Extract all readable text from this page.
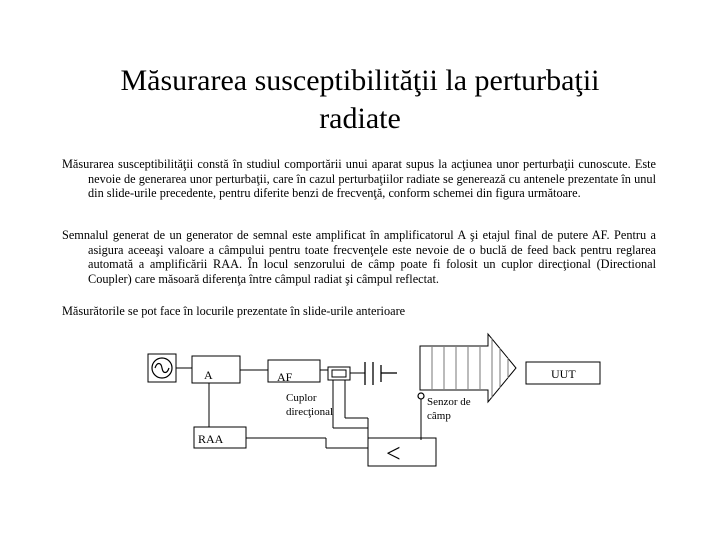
Măsurarea susceptibilităţii la perturbaţii
radiate
Măsurarea susceptibilităţii constă în studiul comportării unui aparat supus la acţiunea unor perturbaţii cunoscute. Este nevoie de generarea unor perturbaţii, care în cazul perturbaţiilor radiate se generează cu antenele prezentate în unul din slide-urile precedente, pentru diferite benzi de frecvenţă, conform schemei din figura următoare.
Semnalul generat de un generator de semnal este amplificat în amplificatorul A şi etajul final de putere AF. Pentru a asigura aceeaşi valoare a câmpului pentru toate frecvenţele este nevoie de o buclă de feed back pentru reglarea automată a amplificării RAA. În locul senzorului de câmp poate fi folosit un cuplor direcţional (Directional Coupler) care măsoară diferenţa între câmpul radiat şi câmpul reflectat.
Măsurătorile se pot face în locurile prezentate în slide-urile anterioare
A	AF
Cuplor
direcţional
UUT
Senzor de
câmp
<
RAA
